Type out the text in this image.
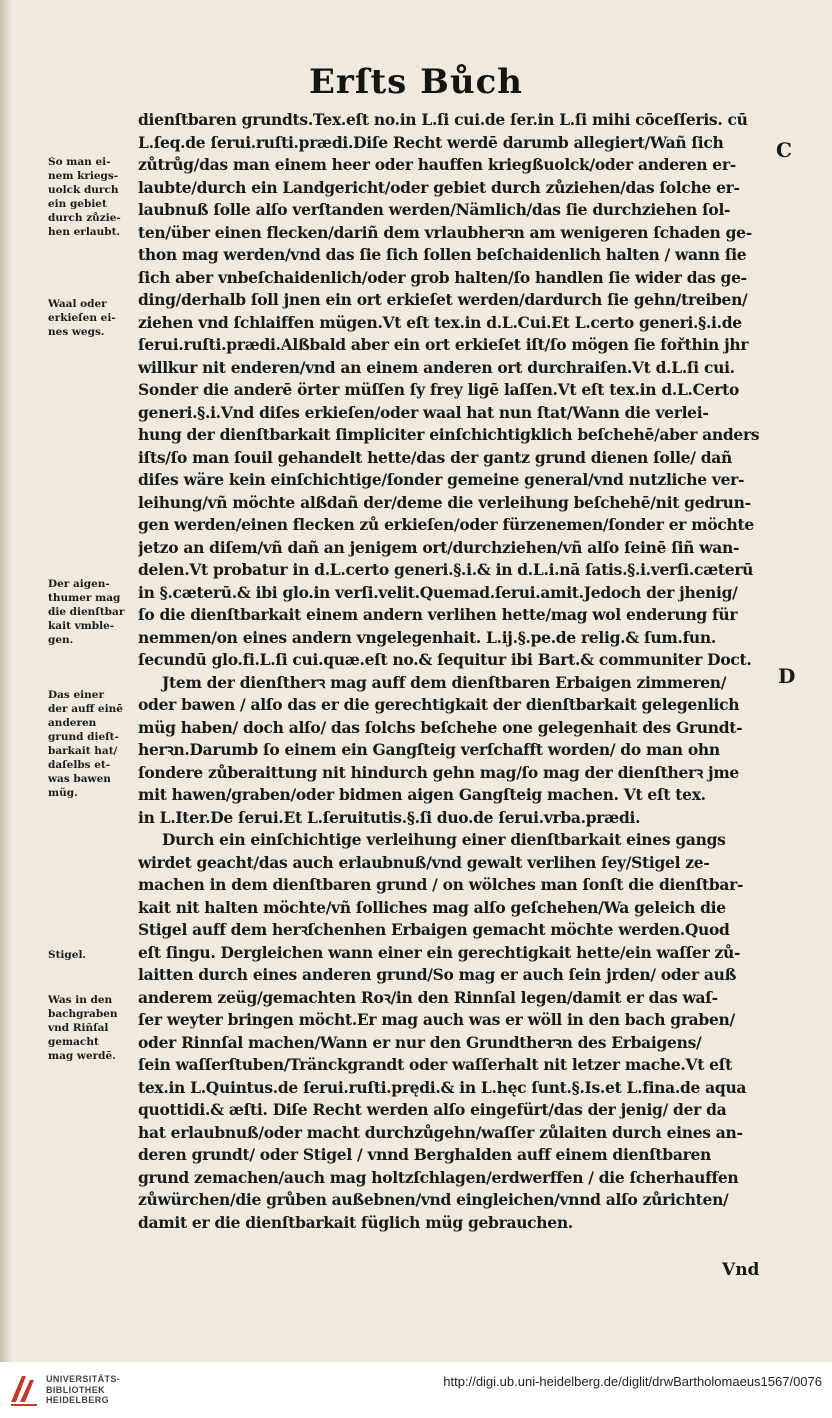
Erſts Bůch
dienſtbaren grundts.Tex.eſt no.in L.ſi cui.de ſer.in L.ſi mihi cōceſſeris. cū
L.ſeq.de ſerui.ruſti.prædi.Diſe Recht werdē darumb allegiert/Wañ ſich
zůtrůg/das man einem heer oder hauffen kriegßuolck/oder anderen er-
laubte/durch ein Landgericht/oder gebiet durch zůziehen/das ſolche er-
laubnuß ſolle alſo verſtanden werden/Nämlich/das ſie durchziehen ſol-
ten/über einen flecken/dariñ dem vrlaubherꝛn am wenigeren ſchaden ge-
thon mag werden/vnd das ſie ſich ſollen beſchaidenlich halten / wann ſie
ſich aber vnbeſchaidenlich/oder grob halten/ſo handlen ſie wider das ge-
ding/derhalb ſoll jnen ein ort erkieſet werden/dardurch ſie gehn/treiben/
ziehen vnd ſchlaiffen mügen.Vt eſt tex.in d.L.Cui.Et L.certo generi.§.i.de
ſerui.ruſti.prædi.Alßbald aber ein ort erkieſet iſt/ſo mögen ſie fořthin jhr
willkur nit enderen/vnd an einem anderen ort durchraiſen.Vt d.L.ſi cui.
Sonder die anderē örter müſſen ſy frey ligē laſſen.Vt eſt tex.in d.L.Certo
generi.§.i.Vnd diſes erkieſen/oder waal hat nun ſtat/Wann die verlei-
hung der dienſtbarkait ſimpliciter einſchichtigklich beſchehē/aber anders
iſts/ſo man ſouil gehandelt hette/das der gantz grund dienen ſolle/ dañ
diſes wäre kein einſchichtige/ſonder gemeine general/vnd nutzliche ver-
leihung/vñ möchte alßdañ der/deme die verleihung beſchehē/nit gedrun-
gen werden/einen flecken zů erkieſen/oder fürzenemen/ſonder er möchte
jetzo an diſem/vñ dañ an jenigem ort/durchziehen/vñ alſo ſeinē ſiñ wan-
delen.Vt probatur in d.L.certo generi.§.i.& in d.L.i.nā ſatis.§.i.verſi.cæterū
in §.cæterū.& ibi glo.in verſi.velit.Quemad.ſerui.amit.Jedoch der jhenig/
ſo die dienſtbarkait einem andern verlihen hette/mag wol enderung für
nemmen/on eines andern vngelegenhait. L.ij.§.pe.de relig.& ſum.fun.
ſecundū glo.fi.L.ſi cui.quæ.eſt no.& ſequitur ibi Bart.& communiter Doct.
Jtem der dienſtherꝛ mag auff dem dienſtbaren Erbaigen zimmeren/
oder bawen / alſo das er die gerechtigkait der dienſtbarkait gelegenlich
müg haben/ doch alſo/ das ſolchs beſchehe one gelegenhait des Grundt-
herꝛn.Darumb ſo einem ein Gangſteig verſchafft worden/ do man ohn
ſondere zůberaittung nit hindurch gehn mag/ſo mag der dienſtherꝛ jme
mit hawen/graben/oder bidmen aigen Gangſteig machen. Vt eſt tex.
in L.Iter.De ſerui.Et L.ſeruitutis.§.ſi duo.de ſerui.vrba.prædi.
Durch ein einſchichtige verleihung einer dienſtbarkait eines gangs
wirdet geacht/das auch erlaubnuß/vnd gewalt verlihen ſey/Stigel ze-
machen in dem dienſtbaren grund / on wölches man ſonſt die dienſtbar-
kait nit halten möchte/vñ ſolliches mag alſo geſchehen/Wa geleich die
Stigel auff dem herꝛſchenhen Erbaigen gemacht möchte werden.Quod
eſt ſingu. Dergleichen wann einer ein gerechtigkait hette/ein waſſer zů-
laitten durch eines anderen grund/So mag er auch ſein jrden/ oder auß
anderem zeüg/gemachten Roꝛ/in den Rinnſal legen/damit er das waſ-
ſer weyter bringen möcht.Er mag auch was er wöll in den bach graben/
oder Rinnſal machen/Wann er nur den Grundtherꝛn des Erbaigens/
ſein waſſerſtuben/Tränckgrandt oder waſſerhalt nit letzer mache.Vt eſt
tex.in L.Quintus.de ſerui.ruſti.prędi.& in L.hęc ſunt.§.Is.et L.fina.de aqua
quottidi.& æſti. Diſe Recht werden alſo eingefürt/das der jenig/ der da
hat erlaubnuß/oder macht durchzůgehn/waſſer zůlaiten durch eines an-
deren grundt/ oder Stigel / vnnd Berghalden auff einem dienſtbaren
grund zemachen/auch mag holtzſchlagen/erdwerffen / die ſcherhauffen
zůwürchen/die grůben außebnen/vnd eingleichen/vnnd alſo zůrichten/
damit er die dienſtbarkait füglich müg gebrauchen.
So man ei-
nem kriegs-
uolck durch
ein gebiet
durch zůzie-
hen erlaubt.
Waal oder
erkieſen ei-
nes wegs.
Der aigen-
thumer mag
die dienſtbar
kait vmble-
gen.
Das einer
der auff einē
anderen
grund dieſt-
barkait hat/
daſelbs et-
was bawen
müg.
Stigel.
Was in den
bachgraben
vnd Riñſal
gemacht
mag werdē.
C
D
Vnd
UNIVERSITÄTS-
BIBLIOTHEK
HEIDELBERG
http://digi.ub.uni-heidelberg.de/diglit/drwBartholomaeus1567/0076
